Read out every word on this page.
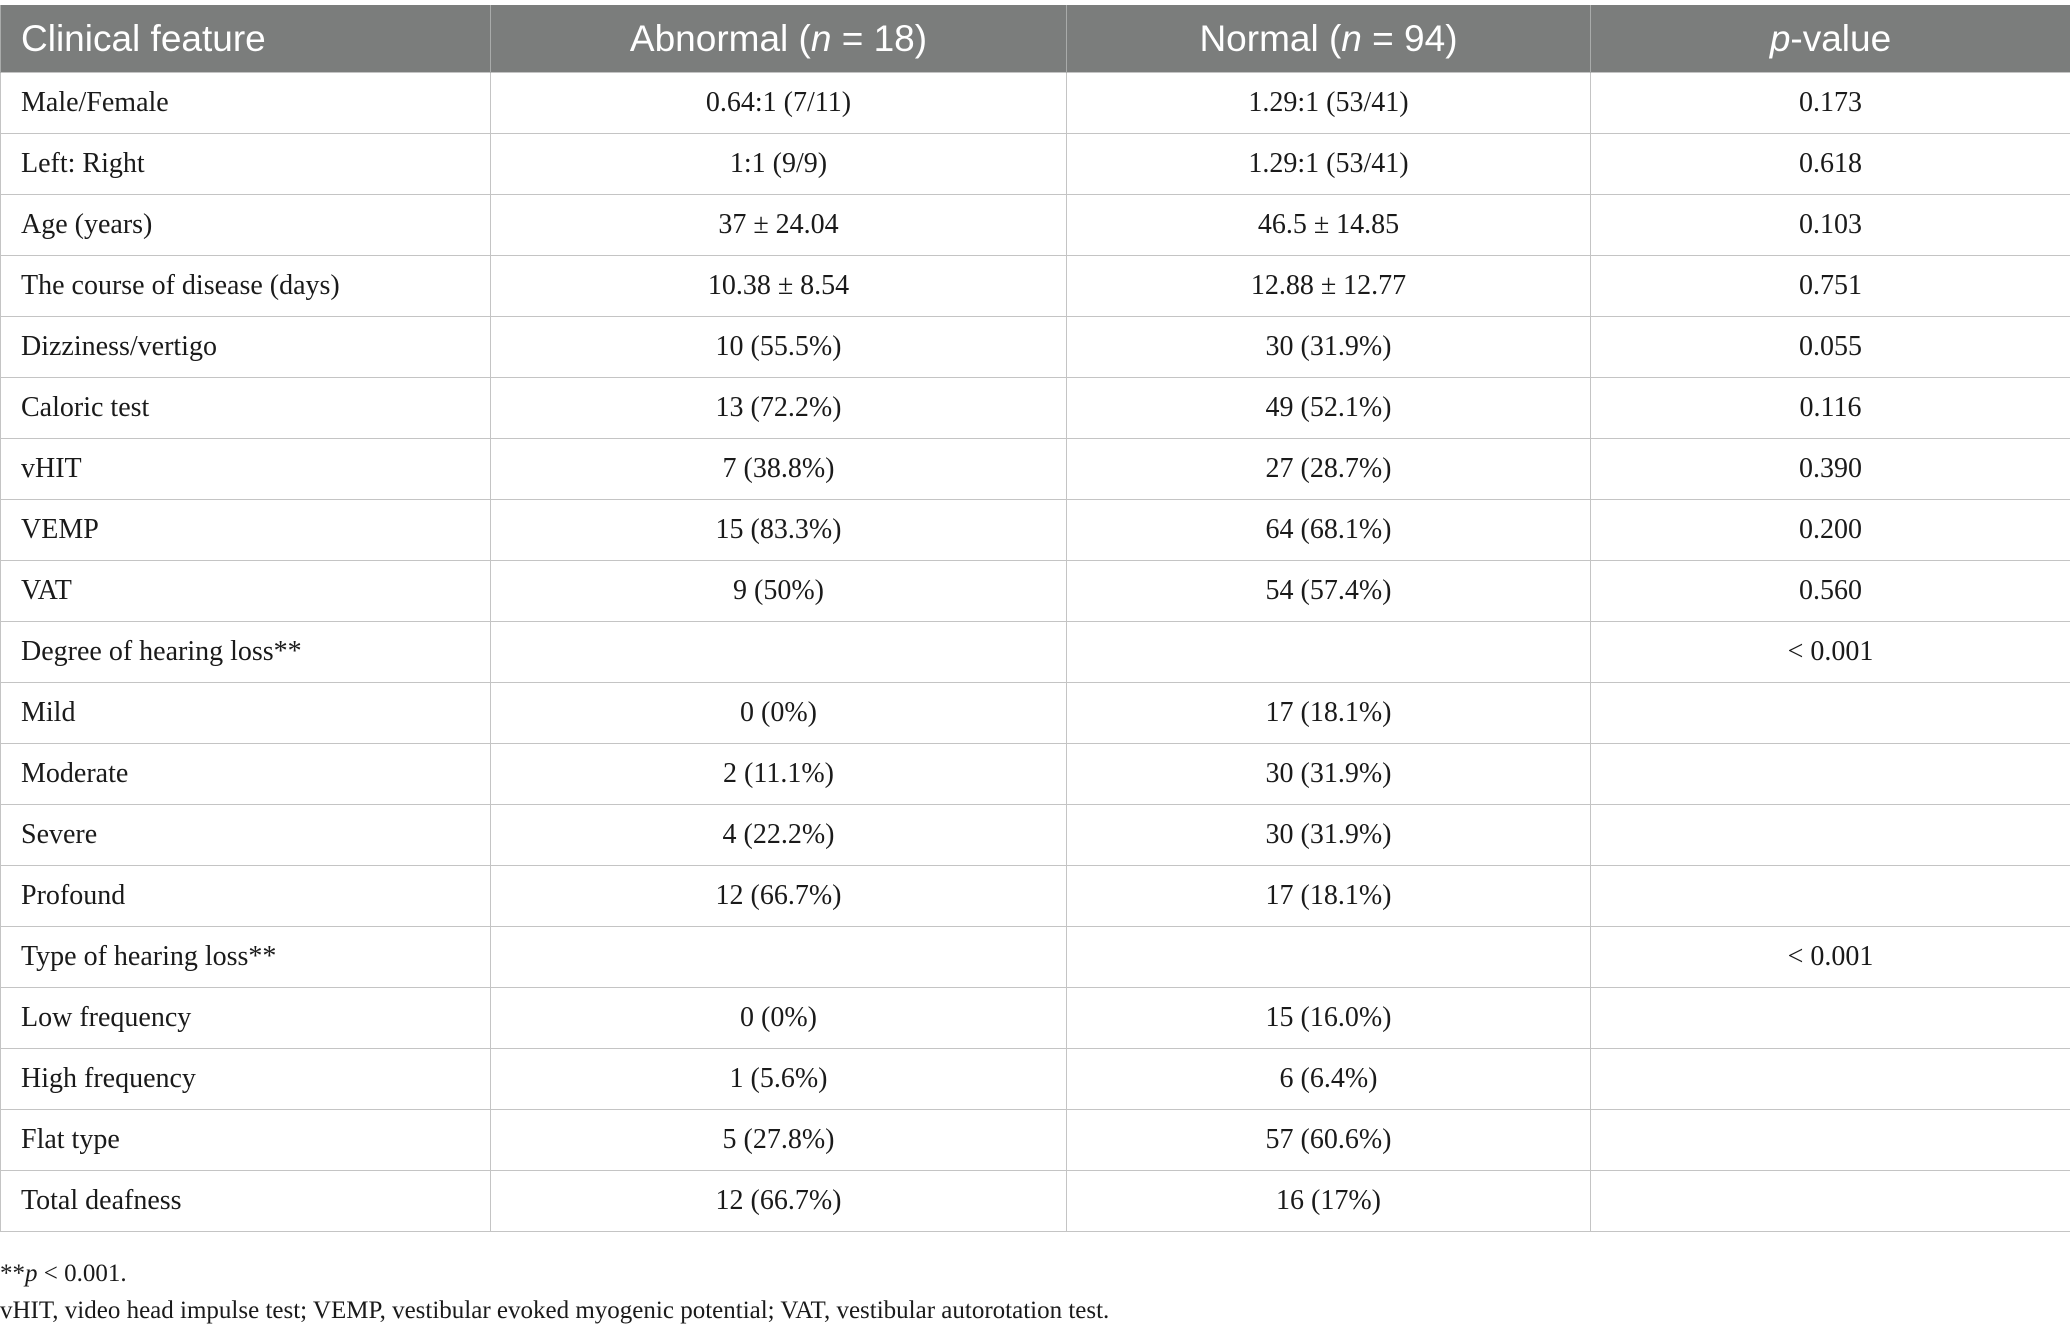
Clinical feature	Abnormal (n = 18)	Normal (n = 94)	p-value
Male/Female	0.64:1 (7/11)	1.29:1 (53/41)	0.173
Left: Right	1:1 (9/9)	1.29:1 (53/41)	0.618
Age (years)	37 ± 24.04	46.5 ± 14.85	0.103
The course of disease (days)	10.38 ± 8.54	12.88 ± 12.77	0.751
Dizziness/vertigo	10 (55.5%)	30 (31.9%)	0.055
Caloric test	13 (72.2%)	49 (52.1%)	0.116
vHIT	7 (38.8%)	27 (28.7%)	0.390
VEMP	15 (83.3%)	64 (68.1%)	0.200
VAT	9 (50%)	54 (57.4%)	0.560
Degree of hearing loss**			< 0.001
Mild	0 (0%)	17 (18.1%)	
Moderate	2 (11.1%)	30 (31.9%)	
Severe	4 (22.2%)	30 (31.9%)	
Profound	12 (66.7%)	17 (18.1%)	
Type of hearing loss**			< 0.001
Low frequency	0 (0%)	15 (16.0%)	
High frequency	1 (5.6%)	6 (6.4%)	
Flat type	5 (27.8%)	57 (60.6%)	
Total deafness	12 (66.7%)	16 (17%)	
**p < 0.001.
vHIT, video head impulse test; VEMP, vestibular evoked myogenic potential; VAT, vestibular autorotation test.
